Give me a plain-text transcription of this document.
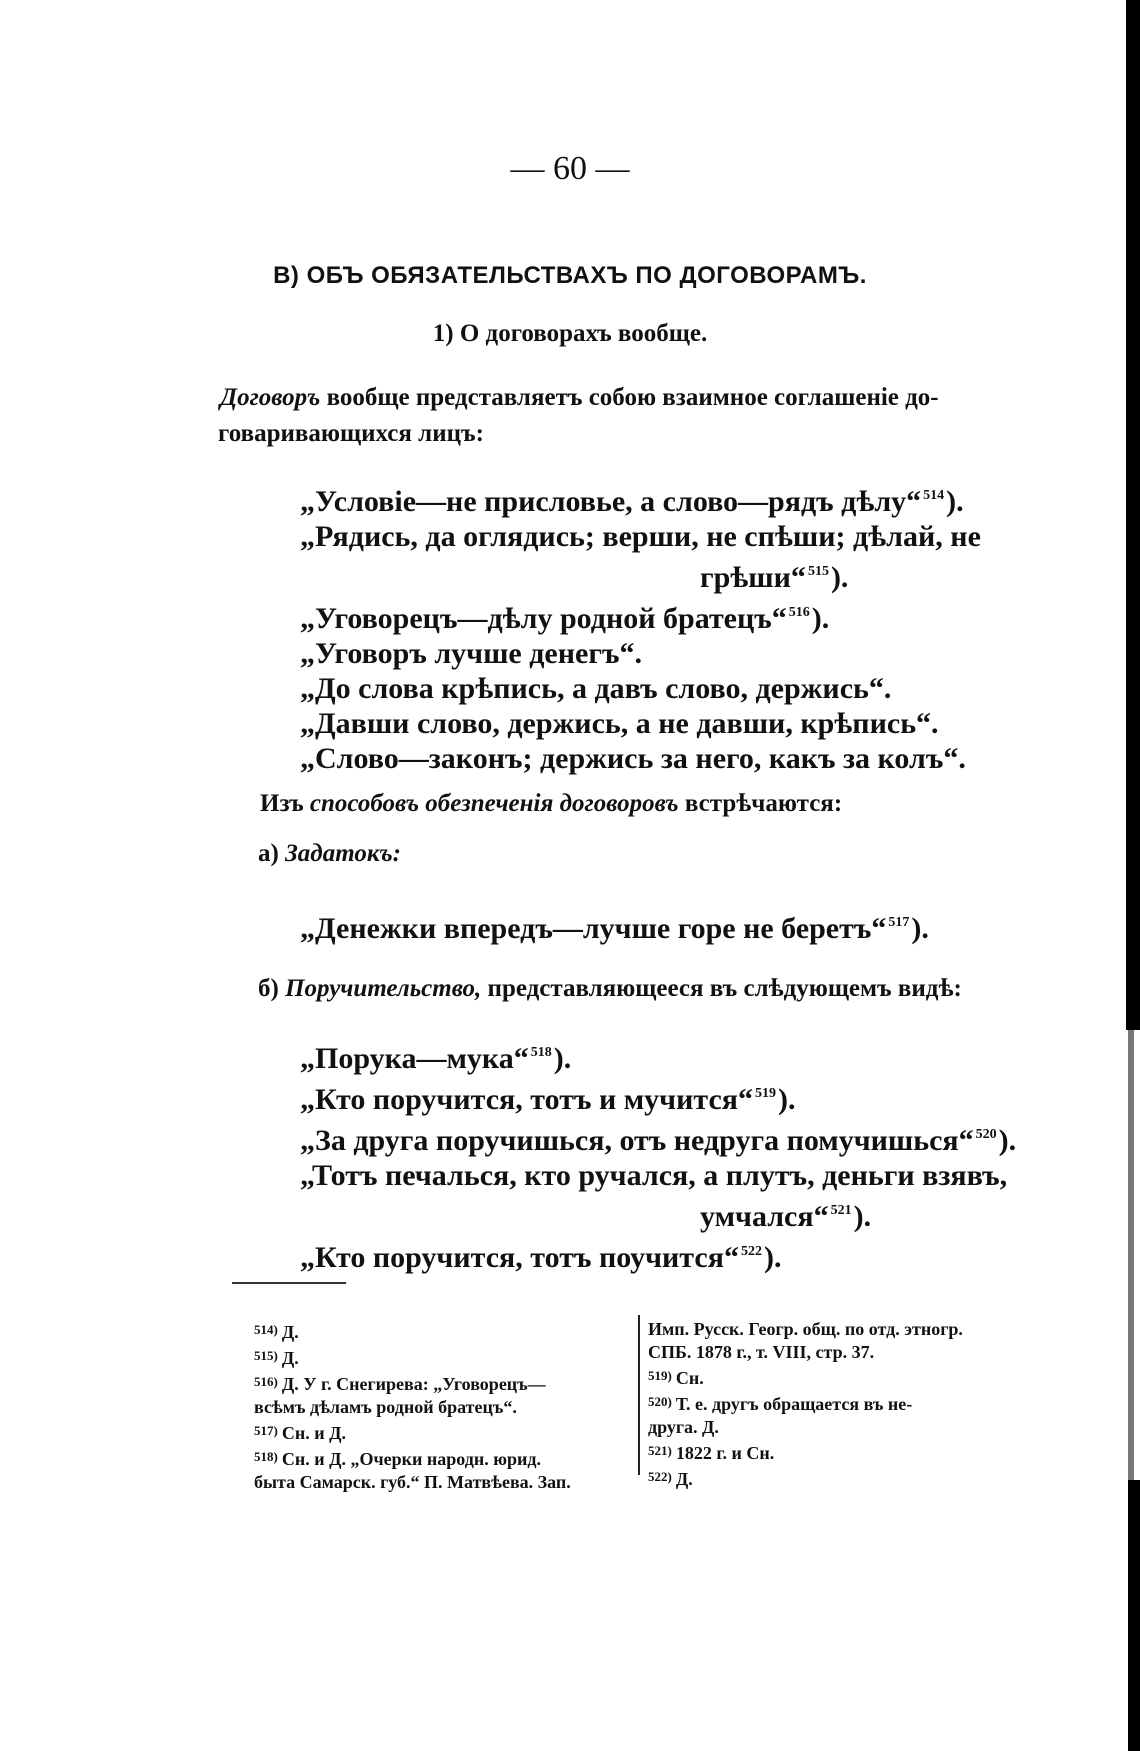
— 60 —
В) ОБЪ ОБЯЗАТЕЛЬСТВАХЪ ПО ДОГОВОРАМЪ.
1) О договорахъ вообще.
Договоръ вообще представляетъ собою взаимное соглашеніе до-
говаривающихся лицъ:
„Условіе—не присловье, а слово—рядъ дѣлу“ $^{514}$).
„Рядись, да оглядись; верши, не спѣши; дѣлай, не
грѣши“ $^{515}$).
„Уговорецъ—дѣлу родной братецъ“ $^{516}$).
„Уговоръ лучше денегъ“.
„До слова крѣпись, а давъ слово, держись“.
„Давши слово, держись, а не давши, крѣпись“.
„Слово—законъ; держись за него, какъ за колъ“.
Изъ способовъ обезпеченія договоровъ встрѣчаются:
а) Задатокъ:
„Денежки впередъ—лучше горе не беретъ“ $^{517}$).
б) Поручительство, представляющееся въ слѣдующемъ видѣ:
„Порука—мука“ $^{518}$).
„Кто поручится, тотъ и мучится“ $^{519}$).
„За друга поручишься, отъ недруга помучишься“ $^{520}$).
„Тотъ печалься, кто ручался, а плутъ, деньги взявъ,
умчался“ $^{521}$).
„Кто поручится, тотъ поучится“ $^{522}$).
$^{514)}$ Д.
$^{515)}$ Д.
$^{516)}$ Д. У г. Снегирева: „Уговорецъ—
всѣмъ дѣламъ родной братецъ“.
$^{517)}$ Сн. и Д.
$^{518)}$ Сн. и Д. „Очерки народн. юрид.
быта Самарск. губ.“ П. Матвѣева. Зап.
Имп. Русск. Геогр. общ. по отд. этногр.
СПБ. 1878 г., т. VIII, стр. 37.
$^{519)}$ Сн.
$^{520)}$ Т. е. другъ обращается въ не-
друга. Д.
$^{521)}$ 1822 г. и Сн.
$^{522)}$ Д.
